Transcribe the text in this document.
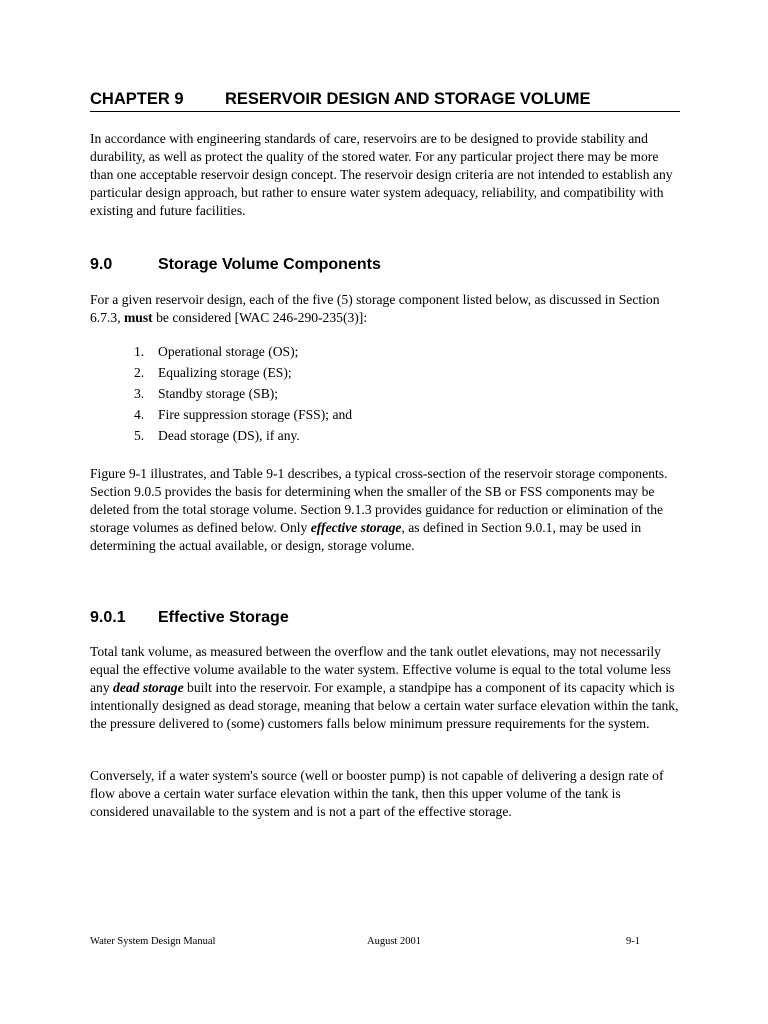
CHAPTER 9	RESERVOIR DESIGN AND STORAGE VOLUME

In accordance with engineering standards of care, reservoirs are to be designed to provide stability and durability, as well as protect the quality of the stored water. For any particular project there may be more than one acceptable reservoir design concept. The reservoir design criteria are not intended to establish any particular design approach, but rather to ensure water system adequacy, reliability, and compatibility with existing and future facilities.

9.0	Storage Volume Components

For a given reservoir design, each of the five (5) storage component listed below, as discussed in Section 6.7.3, must be considered [WAC 246-290-235(3)]:

1. Operational storage (OS);
2. Equalizing storage (ES);
3. Standby storage (SB);
4. Fire suppression storage (FSS); and
5. Dead storage (DS), if any.

Figure 9-1 illustrates, and Table 9-1 describes, a typical cross-section of the reservoir storage components. Section 9.0.5 provides the basis for determining when the smaller of the SB or FSS components may be deleted from the total storage volume. Section 9.1.3 provides guidance for reduction or elimination of the storage volumes as defined below. Only effective storage, as defined in Section 9.0.1, may be used in determining the actual available, or design, storage volume.

9.0.1 Effective Storage

Total tank volume, as measured between the overflow and the tank outlet elevations, may not necessarily equal the effective volume available to the water system. Effective volume is equal to the total volume less any dead storage built into the reservoir. For example, a standpipe has a component of its capacity which is intentionally designed as dead storage, meaning that below a certain water surface elevation within the tank, the pressure delivered to (some) customers falls below minimum pressure requirements for the system.

Conversely, if a water system's source (well or booster pump) is not capable of delivering a design rate of flow above a certain water surface elevation within the tank, then this upper volume of the tank is considered unavailable to the system and is not a part of the effective storage.

Water System Design Manual	August 2001	9-1
